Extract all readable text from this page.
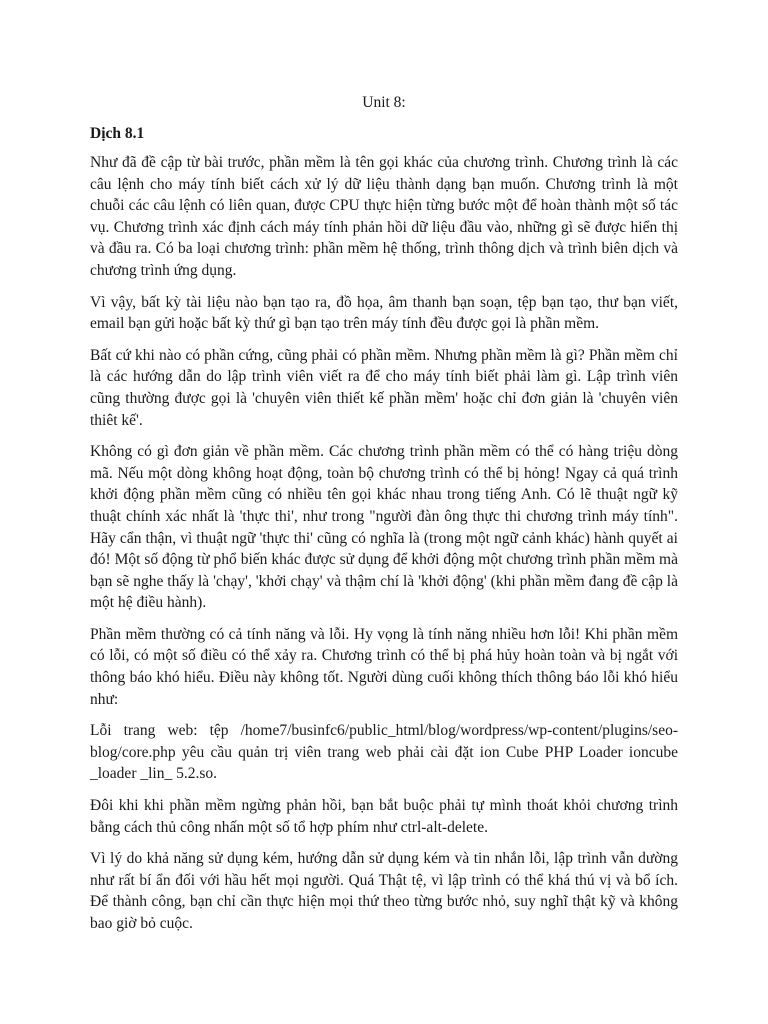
Unit 8:
Dịch 8.1

Như đã đề cập từ bài trước, phần mềm là tên gọi khác của chương trình. Chương trình là các câu lệnh cho máy tính biết cách xử lý dữ liệu thành dạng bạn muốn. Chương trình là một chuỗi các câu lệnh có liên quan, được CPU thực hiện từng bước một để hoàn thành một số tác vụ. Chương trình xác định cách máy tính phản hồi dữ liệu đầu vào, những gì sẽ được hiển thị và đầu ra. Có ba loại chương trình: phần mềm hệ thống, trình thông dịch và trình biên dịch và chương trình ứng dụng.

Vì vậy, bất kỳ tài liệu nào bạn tạo ra, đồ họa, âm thanh bạn soạn, tệp bạn tạo, thư bạn viết, email bạn gửi hoặc bất kỳ thứ gì bạn tạo trên máy tính đều được gọi là phần mềm.

Bất cứ khi nào có phần cứng, cũng phải có phần mềm. Nhưng phần mềm là gì? Phần mềm chỉ là các hướng dẫn do lập trình viên viết ra để cho máy tính biết phải làm gì. Lập trình viên cũng thường được gọi là 'chuyên viên thiết kế phần mềm' hoặc chỉ đơn giản là 'chuyên viên thiêt kế'.

Không có gì đơn giản về phần mềm. Các chương trình phần mềm có thể có hàng triệu dòng mã. Nếu một dòng không hoạt động, toàn bộ chương trình có thể bị hỏng! Ngay cả quá trình khởi động phần mềm cũng có nhiều tên gọi khác nhau trong tiếng Anh. Có lẽ thuật ngữ kỹ thuật chính xác nhất là 'thực thi', như trong "người đàn ông thực thi chương trình máy tính". Hãy cẩn thận, vì thuật ngữ 'thực thi' cũng có nghĩa là (trong một ngữ cảnh khác) hành quyết ai đó! Một số động từ phổ biến khác được sử dụng để khởi động một chương trình phần mềm mà bạn sẽ nghe thấy là 'chạy', 'khởi chạy' và thậm chí là 'khởi động' (khi phần mềm đang đề cập là một hệ điều hành).

Phần mềm thường có cả tính năng và lỗi. Hy vọng là tính năng nhiều hơn lỗi! Khi phần mềm có lỗi, có một số điều có thể xảy ra. Chương trình có thể bị phá hủy hoàn toàn và bị ngắt với thông báo khó hiểu. Điều này không tốt. Người dùng cuối không thích thông báo lỗi khó hiểu như:

Lỗi trang web: tệp /home7/businfc6/public_html/blog/wordpress/wp-content/plugins/seo-blog/core.php yêu cầu quản trị viên trang web phải cài đặt ion Cube PHP Loader ioncube _loader _lin_ 5.2.so.

Đôi khi khi phần mềm ngừng phản hồi, bạn bắt buộc phải tự mình thoát khỏi chương trình bằng cách thủ công nhấn một số tổ hợp phím như ctrl-alt-delete.

Vì lý do khả năng sử dụng kém, hướng dẫn sử dụng kém và tin nhắn lỗi, lập trình vẫn dường như rất bí ẩn đối với hầu hết mọi người. Quá Thật tệ, vì lập trình có thể khá thú vị và bổ ích. Để thành công, bạn chỉ cần thực hiện mọi thứ theo từng bước nhỏ, suy nghĩ thật kỹ và không bao giờ bỏ cuộc.
